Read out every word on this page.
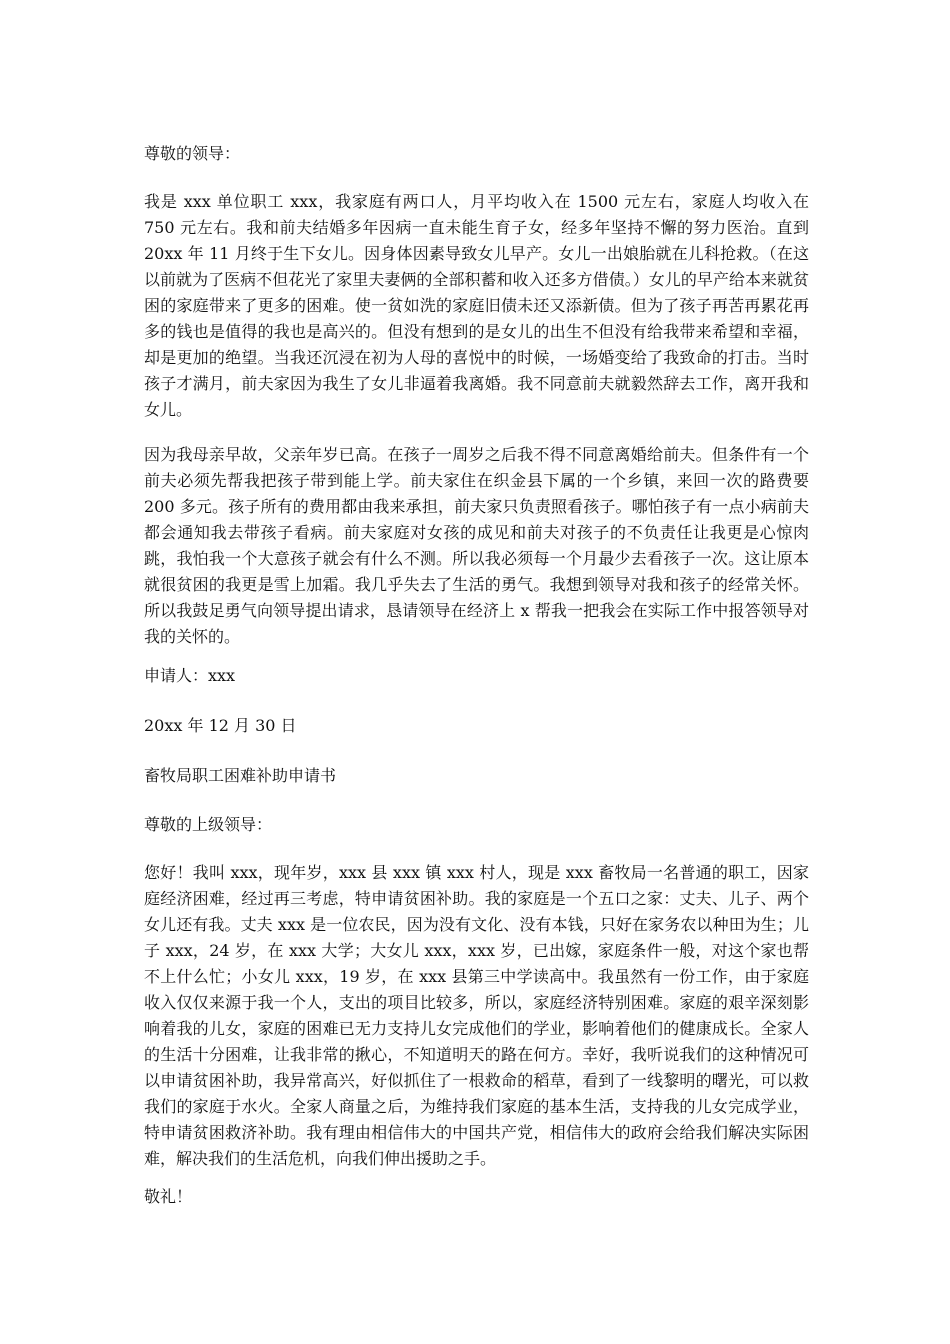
尊敬的领导：

我是 xxx 单位职工 xxx，我家庭有两口人，月平均收入在 1500 元左右，家庭人均收入在 750 元左右。我和前夫结婚多年因病一直未能生育子女，经多年坚持不懈的努力医治。直到 20xx 年 11 月终于生下女儿。因身体因素导致女儿早产。女儿一出娘胎就在儿科抢救。（在这以前就为了医病不但花光了家里夫妻俩的全部积蓄和收入还多方借债。）女儿的早产给本来就贫困的家庭带来了更多的困难。使一贫如洗的家庭旧债未还又添新债。但为了孩子再苦再累花再多的钱也是值得的我也是高兴的。但没有想到的是女儿的出生不但没有给我带来希望和幸福，却是更加的绝望。当我还沉浸在初为人母的喜悦中的时候，一场婚变给了我致命的打击。当时孩子才满月，前夫家因为我生了女儿非逼着我离婚。我不同意前夫就毅然辞去工作，离开我和女儿。

因为我母亲早故，父亲年岁已高。在孩子一周岁之后我不得不同意离婚给前夫。但条件有一个前夫必须先帮我把孩子带到能上学。前夫家住在织金县下属的一个乡镇，来回一次的路费要 200 多元。孩子所有的费用都由我来承担，前夫家只负责照看孩子。哪怕孩子有一点小病前夫都会通知我去带孩子看病。前夫家庭对女孩的成见和前夫对孩子的不负责任让我更是心惊肉跳，我怕我一个大意孩子就会有什么不测。所以我必须每一个月最少去看孩子一次。这让原本就很贫困的我更是雪上加霜。我几乎失去了生活的勇气。我想到领导对我和孩子的经常关怀。所以我鼓足勇气向领导提出请求，恳请领导在经济上 x 帮我一把我会在实际工作中报答领导对我的关怀的。

申请人：xxx

20xx 年 12 月 30 日

畜牧局职工困难补助申请书

尊敬的上级领导：

您好！我叫 xxx，现年岁，xxx 县 xxx 镇 xxx 村人，现是 xxx 畜牧局一名普通的职工，因家庭经济困难，经过再三考虑，特申请贫困补助。我的家庭是一个五口之家：丈夫、儿子、两个女儿还有我。丈夫 xxx 是一位农民，因为没有文化、没有本钱，只好在家务农以种田为生；儿子 xxx，24 岁，在 xxx 大学；大女儿 xxx，xxx 岁，已出嫁，家庭条件一般，对这个家也帮不上什么忙；小女儿 xxx，19 岁，在 xxx 县第三中学读高中。我虽然有一份工作，由于家庭收入仅仅来源于我一个人，支出的项目比较多，所以，家庭经济特别困难。家庭的艰辛深刻影响着我的儿女，家庭的困难已无力支持儿女完成他们的学业，影响着他们的健康成长。全家人的生活十分困难，让我非常的揪心，不知道明天的路在何方。幸好，我听说我们的这种情况可以申请贫困补助，我异常高兴，好似抓住了一根救命的稻草，看到了一线黎明的曙光，可以救我们的家庭于水火。全家人商量之后，为维持我们家庭的基本生活，支持我的儿女完成学业，特申请贫困救济补助。我有理由相信伟大的中国共产党，相信伟大的政府会给我们解决实际困难，解决我们的生活危机，向我们伸出援助之手。

敬礼！
